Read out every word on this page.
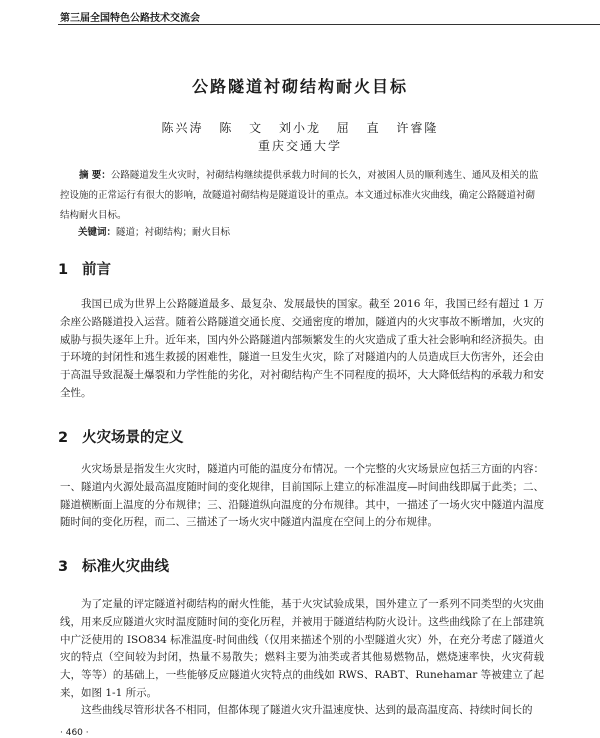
第三届全国特色公路技术交流会
公路隧道衬砌结构耐火目标
陈兴涛 陈 文 刘小龙 屈 直 许睿隆
重庆交通大学

摘 要：公路隧道发生火灾时，衬砌结构继续提供承载力时间的长久，对被困人员的顺利逃生、通风及相关的监控设施的正常运行有很大的影响，故隧道衬砌结构是隧道设计的重点。本文通过标准火灾曲线，确定公路隧道衬砌结构耐火目标。

关键词：隧道；衬砌结构；耐火目标

1 前言

我国已成为世界上公路隧道最多、最复杂、发展最快的国家。截至 2016 年，我国已经有超过 1 万余座公路隧道投入运营。随着公路隧道交通长度、交通密度的增加，隧道内的火灾事故不断增加，火灾的威胁与损失逐年上升。近年来，国内外公路隧道内部频繁发生的火灾造成了重大社会影响和经济损失。由于环境的封闭性和逃生救援的困难性，隧道一旦发生火灾，除了对隧道内的人员造成巨大伤害外，还会由于高温导致混凝土爆裂和力学性能的劣化，对衬砌结构产生不同程度的损坏，大大降低结构的承载力和安全性。

2 火灾场景的定义

火灾场景是指发生火灾时，隧道内可能的温度分布情况。一个完整的火灾场景应包括三方面的内容：一、隧道内火源处最高温度随时间的变化规律，目前国际上建立的标准温度—时间曲线即属于此类；二、隧道横断面上温度的分布规律；三、沿隧道纵向温度的分布规律。其中，一描述了一场火灾中隧道内温度随时间的变化历程，而二、三描述了一场火灾中隧道内温度在空间上的分布规律。

3 标准火灾曲线

为了定量的评定隧道衬砌结构的耐火性能，基于火灾试验成果，国外建立了一系列不同类型的火灾曲线，用来反应隧道火灾时温度随时间的变化历程，并被用于隧道结构防火设计。这些曲线除了在上部建筑中广泛使用的 ISO834 标准温度-时间曲线（仅用来描述个别的小型隧道火灾）外，在充分考虑了隧道火灾的特点（空间较为封闭，热量不易散失；燃料主要为油类或者其他易燃物品，燃烧速率快，火灾荷载大，等等）的基础上，一些能够反应隧道火灾特点的曲线如 RWS、RABT、Runehamar 等被建立了起来，如图 1-1 所示。

这些曲线尽管形状各不相同，但都体现了隧道火灾升温速度快、达到的最高温度高、持续时间长的

· 460 ·
